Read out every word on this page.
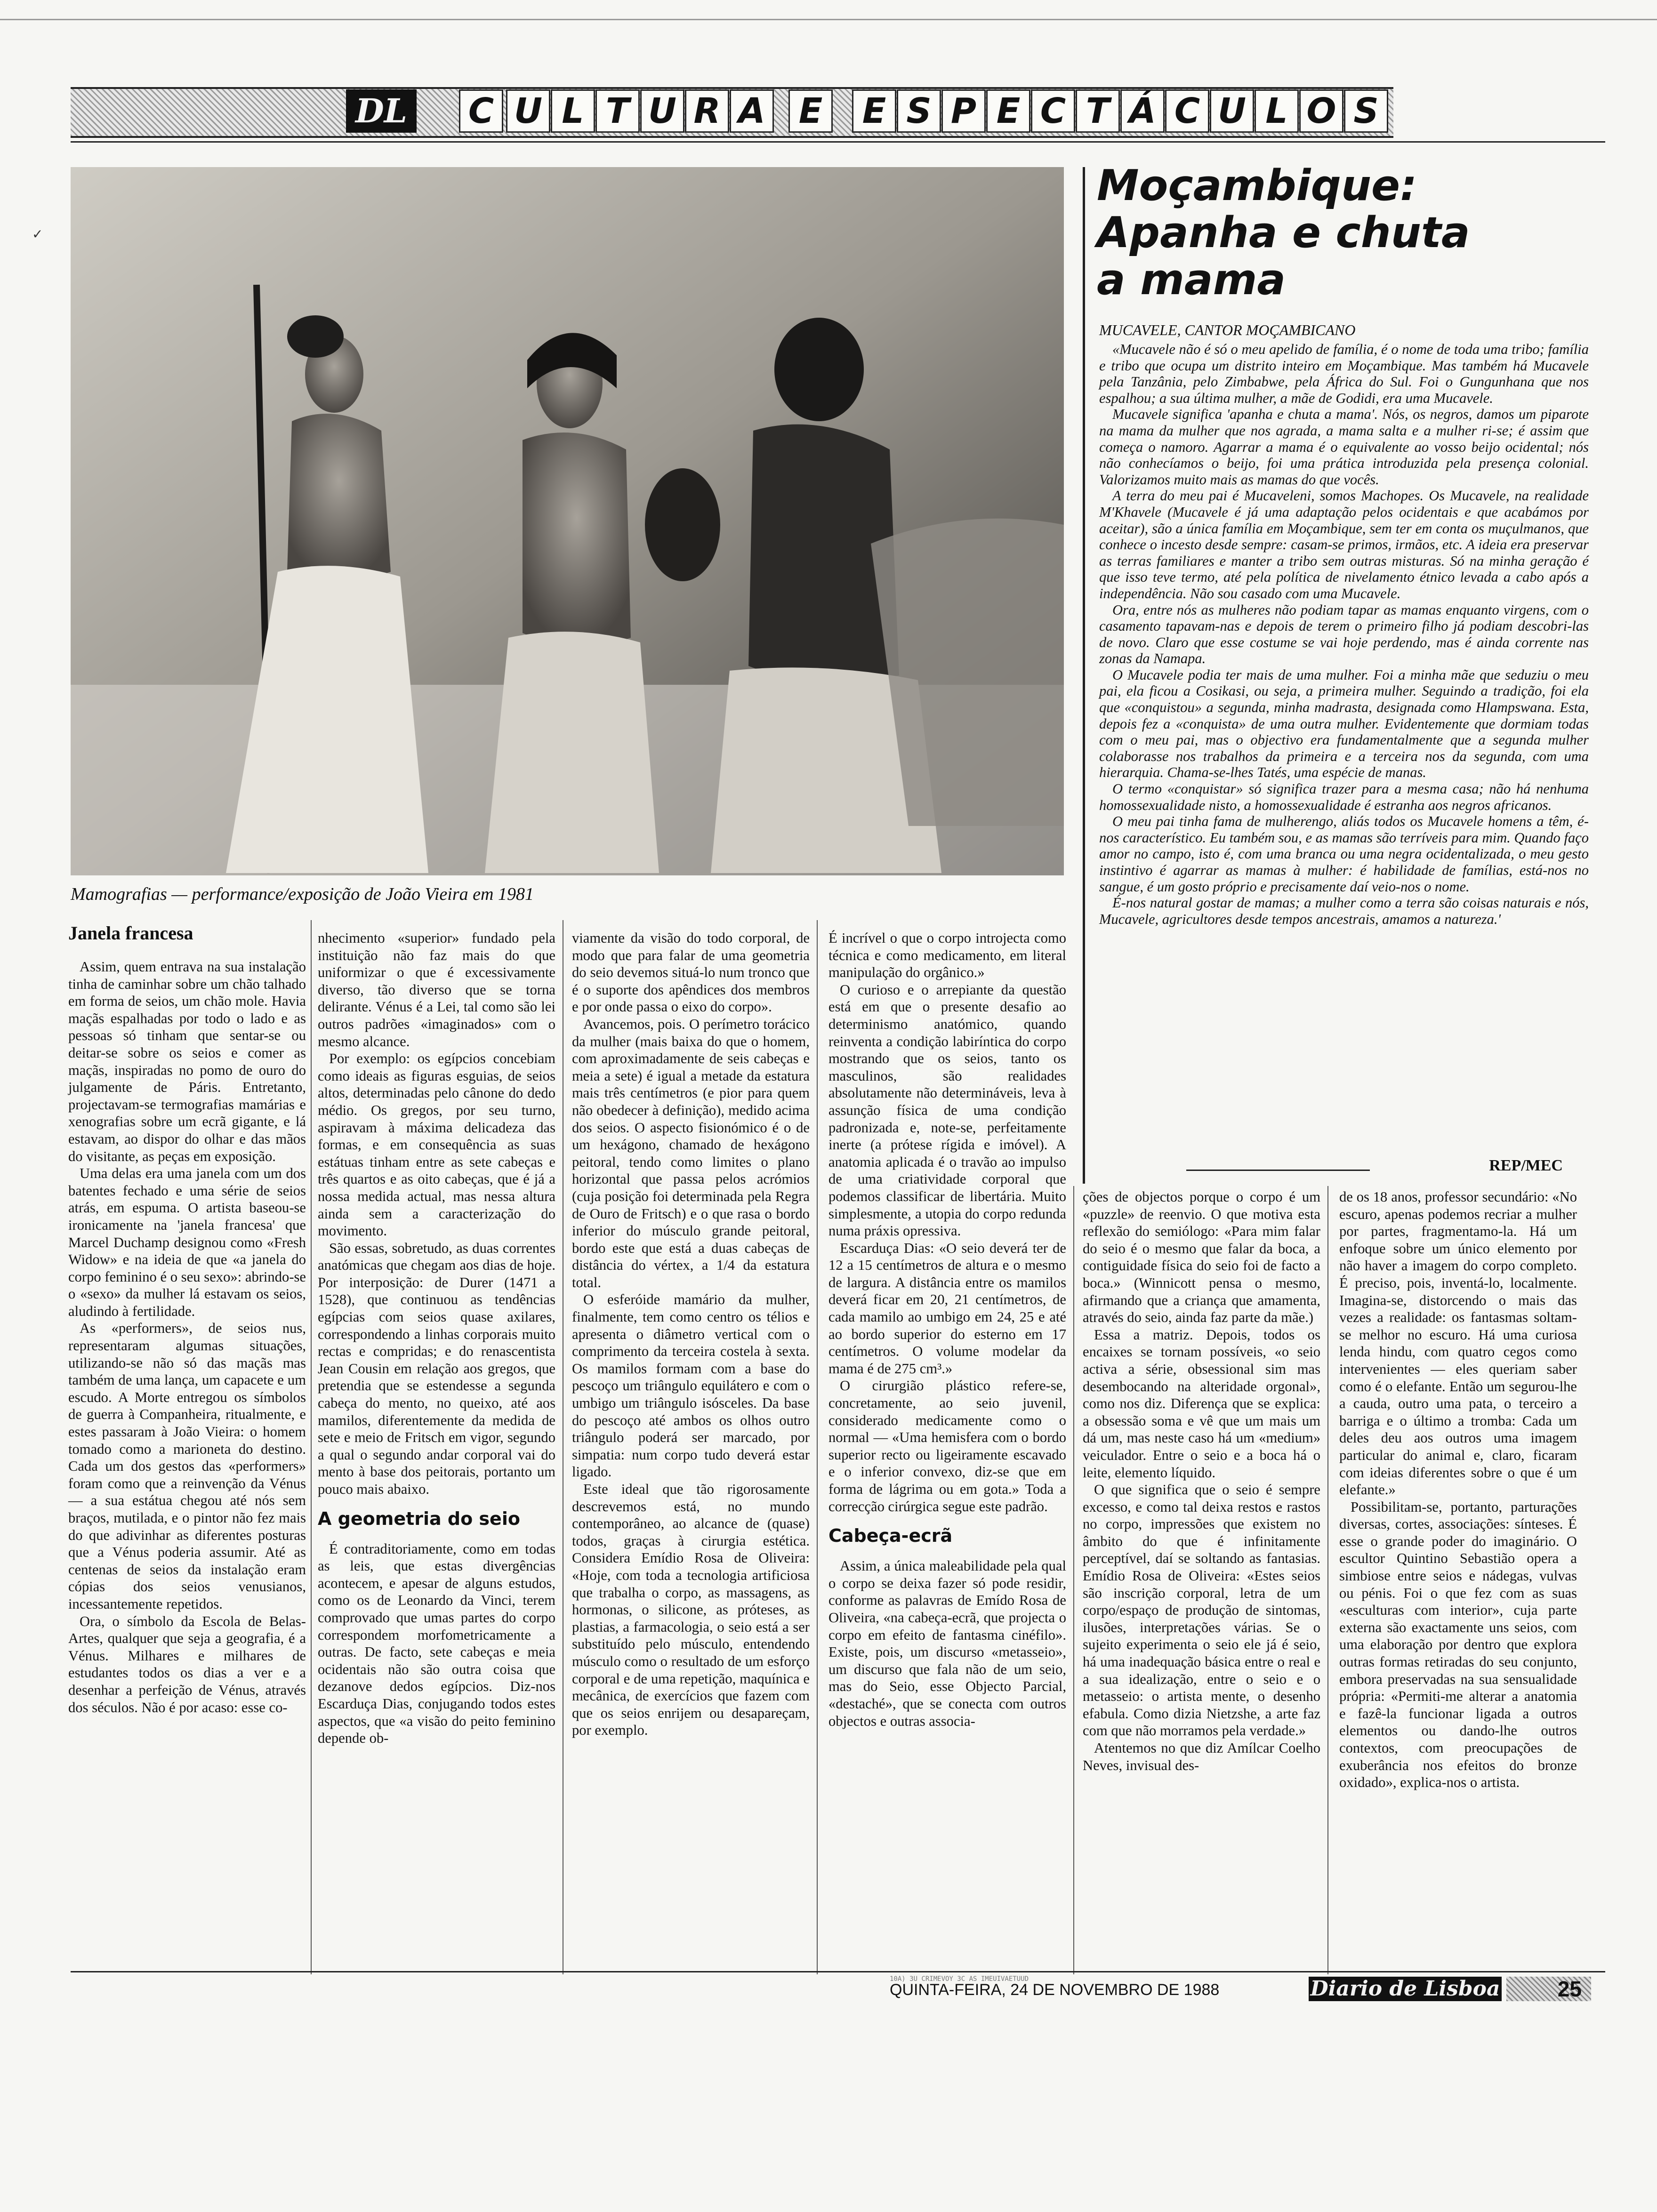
DL C U L T U R A E E S P E C T Á C U L O S
Mamografias — performance/exposição de João Vieira em 1981
Moçambique:
Apanha e chuta
a mama
MUCAVELE, CANTOR MOÇAMBICANO

«Mucavele não é só o meu apelido de família, é o nome de toda uma tribo; família e tribo que ocupa um distrito inteiro em Moçambique. Mas também há Mucavele pela Tanzânia, pelo Zimbabwe, pela África do Sul. Foi o Gungunhana que nos espalhou; a sua última mulher, a mãe de Godidi, era uma Mucavele.

Mucavele significa 'apanha e chuta a mama'. Nós, os negros, damos um piparote na mama da mulher que nos agrada, a mama salta e a mulher ri-se; é assim que começa o namoro. Agarrar a mama é o equivalente ao vosso beijo ocidental; nós não conhecíamos o beijo, foi uma prática introduzida pela presença colonial. Valorizamos muito mais as mamas do que vocês.

A terra do meu pai é Mucaveleni, somos Machopes. Os Mucavele, na realidade M'Khavele (Mucavele é já uma adaptação pelos ocidentais e que acabámos por aceitar), são a única família em Moçambique, sem ter em conta os muçulmanos, que conhece o incesto desde sempre: casam-se primos, irmãos, etc. A ideia era preservar as terras familiares e manter a tribo sem outras misturas. Só na minha geração é que isso teve termo, até pela política de nivelamento étnico levada a cabo após a independência. Não sou casado com uma Mucavele.

Ora, entre nós as mulheres não podiam tapar as mamas enquanto virgens, com o casamento tapavam-nas e depois de terem o primeiro filho já podiam descobri-las de novo. Claro que esse costume se vai hoje perdendo, mas é ainda corrente nas zonas da Namapa.

O Mucavele podia ter mais de uma mulher. Foi a minha mãe que seduziu o meu pai, ela ficou a Cosikasi, ou seja, a primeira mulher. Seguindo a tradição, foi ela que «conquistou» a segunda, minha madrasta, designada como Hlampswana. Esta, depois fez a «conquista» de uma outra mulher. Evidentemente que dormiam todas com o meu pai, mas o objectivo era fundamentalmente que a segunda mulher colaborasse nos trabalhos da primeira e a terceira nos da segunda, com uma hierarquia. Chama-se-lhes Tatés, uma espécie de manas.

O termo «conquistar» só significa trazer para a mesma casa; não há nenhuma homossexualidade nisto, a homossexualidade é estranha aos negros africanos.

O meu pai tinha fama de mulherengo, aliás todos os Mucavele homens a têm, é-nos característico. Eu também sou, e as mamas são terríveis para mim. Quando faço amor no campo, isto é, com uma branca ou uma negra ocidentalizada, o meu gesto instintivo é agarrar as mamas à mulher: é habilidade de famílias, está-nos no sangue, é um gosto próprio e precisamente daí veio-nos o nome.

É-nos natural gostar de mamas; a mulher como a terra são coisas naturais e nós, Mucavele, agricultores desde tempos ancestrais, amamos a natureza.'

REP/MEC
Janela francesa

Assim, quem entrava na sua instalação tinha de caminhar sobre um chão talhado em forma de seios, um chão mole. Havia maçãs espalhadas por todo o lado e as pessoas só tinham que sentar-se ou deitar-se sobre os seios e comer as maçãs, inspiradas no pomo de ouro do julgamente de Páris. Entretanto, projectavam-se termografias mamárias e xenografias sobre um ecrã gigante, e lá estavam, ao dispor do olhar e das mãos do visitante, as peças em exposição.

Uma delas era uma janela com um dos batentes fechado e uma série de seios atrás, em espuma. O artista baseou-se ironicamente na 'janela francesa' que Marcel Duchamp designou como «Fresh Widow» e na ideia de que «a janela do corpo feminino é o seu sexo»: abrindo-se o «sexo» da mulher lá estavam os seios, aludindo à fertilidade.

As «performers», de seios nus, representaram algumas situações, utilizando-se não só das maçãs mas também de uma lança, um capacete e um escudo. A Morte entregou os símbolos de guerra à Companheira, ritualmente, e estes passaram à João Vieira: o homem tomado como a marioneta do destino. Cada um dos gestos das «performers» foram como que a reinvenção da Vénus — a sua estátua chegou até nós sem braços, mutilada, e o pintor não fez mais do que adivinhar as diferentes posturas que a Vénus poderia assumir. Até as centenas de seios da instalação eram cópias dos seios venusianos, incessantemente repetidos.

Ora, o símbolo da Escola de Belas-Artes, qualquer que seja a geografia, é a Vénus. Milhares e milhares de estudantes todos os dias a ver e a desenhar a perfeição de Vénus, através dos séculos. Não é por acaso: esse co-

nhecimento «superior» fundado pela instituição não faz mais do que uniformizar o que é excessivamente diverso, tão diverso que se torna delirante. Vénus é a Lei, tal como são lei outros padrões «imaginados» com o mesmo alcance.

Por exemplo: os egípcios concebiam como ideais as figuras esguias, de seios altos, determinadas pelo cânone do dedo médio. Os gregos, por seu turno, aspiravam à máxima delicadeza das formas, e em consequência as suas estátuas tinham entre as sete cabeças e três quartos e as oito cabeças, que é já a nossa medida actual, mas nessa altura ainda sem a caracterização do movimento.

São essas, sobretudo, as duas correntes anatómicas que chegam aos dias de hoje. Por interposição: de Durer (1471 a 1528), que continuou as tendências egípcias com seios quase axilares, correspondendo a linhas corporais muito rectas e compridas; e do renascentista Jean Cousin em relação aos gregos, que pretendia que se estendesse a segunda cabeça do mento, no queixo, até aos mamilos, diferentemente da medida de sete e meio de Fritsch em vigor, segundo a qual o segundo andar corporal vai do mento à base dos peitorais, portanto um pouco mais abaixo.

A geometria do seio

É contraditoriamente, como em todas as leis, que estas divergências acontecem, e apesar de alguns estudos, como os de Leonardo da Vinci, terem comprovado que umas partes do corpo correspondem morfometricamente a outras. De facto, sete cabeças e meia ocidentais não são outra coisa que dezanove dedos egípcios. Diz-nos Escarduça Dias, conjugando todos estes aspectos, que «a visão do peito feminino depende ob-

viamente da visão do todo corporal, de modo que para falar de uma geometria do seio devemos situá-lo num tronco que é o suporte dos apêndices dos membros e por onde passa o eixo do corpo».

Avancemos, pois. O perímetro torácico da mulher (mais baixa do que o homem, com aproximadamente de seis cabeças e meia a sete) é igual a metade da estatura mais três centímetros (e pior para quem não obedecer à definição), medido acima dos seios. O aspecto fisionómico é o de um hexágono, chamado de hexágono peitoral, tendo como limites o plano horizontal que passa pelos acrómios (cuja posição foi determinada pela Regra de Ouro de Fritsch) e o que rasa o bordo inferior do músculo grande peitoral, bordo este que está a duas cabeças de distância do vértex, a 1/4 da estatura total.

O esferóide mamário da mulher, finalmente, tem como centro os télios e apresenta o diâmetro vertical com o comprimento da terceira costela à sexta. Os mamilos formam com a base do pescoço um triângulo equilátero e com o umbigo um triângulo isósceles. Da base do pescoço até ambos os olhos outro triângulo poderá ser marcado, por simpatia: num corpo tudo deverá estar ligado.

Este ideal que tão rigorosamente descrevemos está, no mundo contemporâneo, ao alcance de (quase) todos, graças à cirurgia estética. Considera Emídio Rosa de Oliveira: «Hoje, com toda a tecnologia artificiosa que trabalha o corpo, as massagens, as hormonas, o silicone, as próteses, as plastias, a farmacologia, o seio está a ser substituído pelo músculo, entendendo músculo como o resultado de um esforço corporal e de uma repetição, maquínica e mecânica, de exercícios que fazem com que os seios enrijem ou desapareçam, por exemplo.

É incrível o que o corpo introjecta como técnica e como medicamento, em literal manipulação do orgânico.»

O curioso e o arrepiante da questão está em que o presente desafio ao determinismo anatómico, quando reinventa a condição labiríntica do corpo mostrando que os seios, tanto os masculinos, são realidades absolutamente não determináveis, leva à assunção física de uma condição padronizada e, note-se, perfeitamente inerte (a prótese rígida e imóvel). A anatomia aplicada é o travão ao impulso de uma criatividade corporal que podemos classificar de libertária. Muito simplesmente, a utopia do corpo redunda numa práxis opressiva.

Escarduça Dias: «O seio deverá ter de 12 a 15 centímetros de altura e o mesmo de largura. A distância entre os mamilos deverá ficar em 20, 21 centímetros, de cada mamilo ao umbigo em 24, 25 e até ao bordo superior do esterno em 17 centímetros. O volume modelar da mama é de 275 cm³.»

O cirurgião plástico refere-se, concretamente, ao seio juvenil, considerado medicamente como o normal — «Uma hemisfera com o bordo superior recto ou ligeiramente escavado e o inferior convexo, diz-se que em forma de lágrima ou em gota.» Toda a correcção cirúrgica segue este padrão.

Cabeça-ecrã

Assim, a única maleabilidade pela qual o corpo se deixa fazer só pode residir, conforme as palavras de Emído Rosa de Oliveira, «na cabeça-ecrã, que projecta o corpo em efeito de fantasma cinéfilo». Existe, pois, um discurso «metasseio», um discurso que fala não de um seio, mas do Seio, esse Objecto Parcial, «destaché», que se conecta com outros objectos e outras associa-

ções de objectos porque o corpo é um «puzzle» de reenvio. O que motiva esta reflexão do semiólogo: «Para mim falar do seio é o mesmo que falar da boca, a contiguidade física do seio foi de facto a boca.» (Winnicott pensa o mesmo, afirmando que a criança que amamenta, através do seio, ainda faz parte da mãe.)

Essa a matriz. Depois, todos os encaixes se tornam possíveis, «o seio activa a série, obsessional sim mas desembocando na alteridade orgonal», como nos diz. Diferença que se explica: a obsessão soma e vê que um mais um dá um, mas neste caso há um «medium» veiculador. Entre o seio e a boca há o leite, elemento líquido.

O que significa que o seio é sempre excesso, e como tal deixa restos e rastos no corpo, impressões que existem no âmbito do que é infinitamente perceptível, daí se soltando as fantasias. Emídio Rosa de Oliveira: «Estes seios são inscrição corporal, letra de um corpo/espaço de produção de sintomas, ilusões, interpretações várias. Se o sujeito experimenta o seio ele já é seio, há uma inadequação básica entre o real e a sua idealização, entre o seio e o metasseio: o artista mente, o desenho efabula. Como dizia Nietzshe, a arte faz com que não morramos pela verdade.»

Atentemos no que diz Amílcar Coelho Neves, invisual des-

de os 18 anos, professor secundário: «No escuro, apenas podemos recriar a mulher por partes, fragmentamo-la. Há um enfoque sobre um único elemento por não haver a imagem do corpo completo. É preciso, pois, inventá-lo, localmente. Imagina-se, distorcendo o mais das vezes a realidade: os fantasmas soltam-se melhor no escuro. Há uma curiosa lenda hindu, com quatro cegos como intervenientes — eles queriam saber como é o elefante. Então um segurou-lhe a cauda, outro uma pata, o terceiro a barriga e o último a tromba: Cada um deles deu aos outros uma imagem particular do animal e, claro, ficaram com ideias diferentes sobre o que é um elefante.»

Possibilitam-se, portanto, parturações diversas, cortes, associações: sínteses. É esse o grande poder do imaginário. O escultor Quintino Sebastião opera a simbiose entre seios e nádegas, vulvas ou pénis. Foi o que fez com as suas «esculturas com interior», cuja parte externa são exactamente uns seios, com uma elaboração por dentro que explora outras formas retiradas do seu conjunto, embora preservadas na sua sensualidade própria: «Permiti-me alterar a anatomia e fazê-la funcionar ligada a outros elementos ou dando-lhe outros contextos, com preocupações de exuberância nos efeitos do bronze oxidado», explica-nos o artista.

10A) 3U CRIMEVOY 3C AS IMEUIVAETUUD
QUINTA-FEIRA, 24 DE NOVEMBRO DE 1988	Diario de Lisboa	25
✓
